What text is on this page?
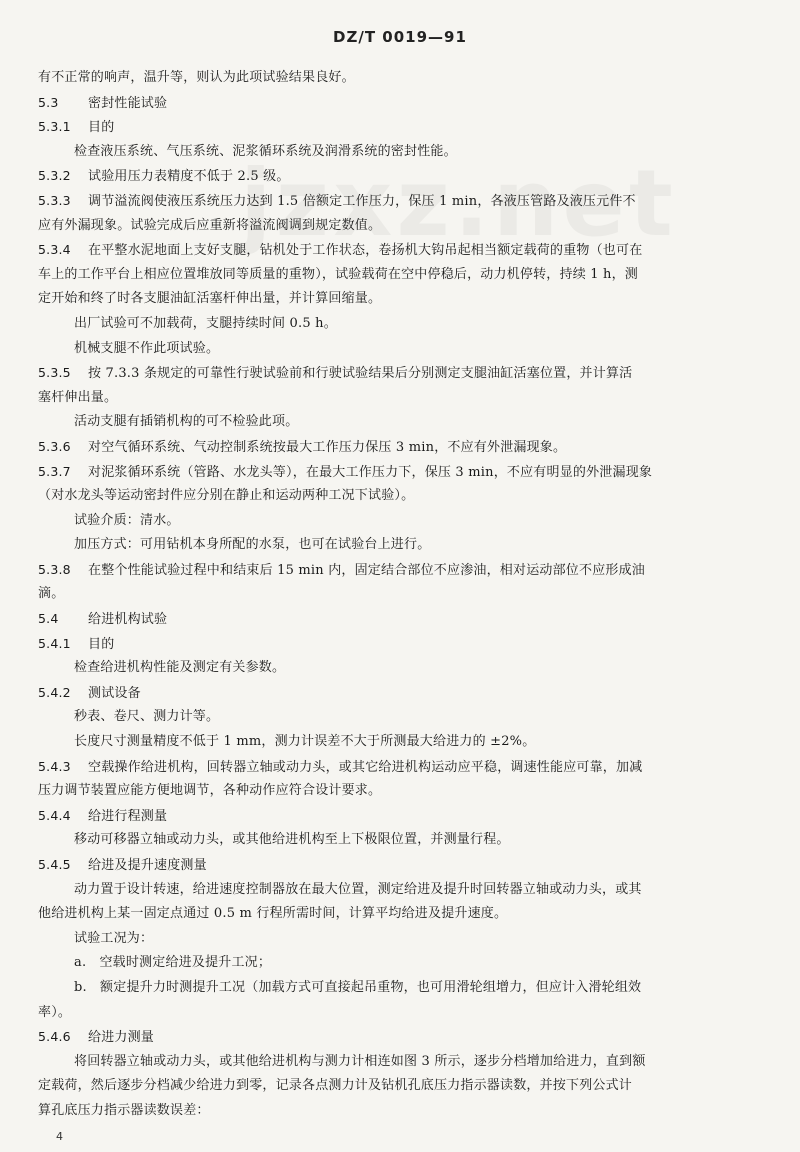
DZ/T 0019—91
有不正常的响声，温升等，则认为此项试验结果良好。
5.3 密封性能试验
5.3.1 目的
检查液压系统、气压系统、泥浆循环系统及润滑系统的密封性能。
5.3.2 试验用压力表精度不低于 2.5 级。
5.3.3 调节溢流阀使液压系统压力达到 1.5 倍额定工作压力，保压 1 min，各液压管路及液压元件不
应有外漏现象。试验完成后应重新将溢流阀调到规定数值。
5.3.4 在平整水泥地面上支好支腿，钻机处于工作状态，卷扬机大钩吊起相当额定载荷的重物（也可在
车上的工作平台上相应位置堆放同等质量的重物），试验载荷在空中停稳后，动力机停转，持续 1 h，测
定开始和终了时各支腿油缸活塞杆伸出量，并计算回缩量。
出厂试验可不加载荷，支腿持续时间 0.5 h。
机械支腿不作此项试验。
5.3.5 按 7.3.3 条规定的可靠性行驶试验前和行驶试验结果后分别测定支腿油缸活塞位置，并计算活
塞杆伸出量。
活动支腿有插销机构的可不检验此项。
5.3.6 对空气循环系统、气动控制系统按最大工作压力保压 3 min，不应有外泄漏现象。
5.3.7 对泥浆循环系统（管路、水龙头等），在最大工作压力下，保压 3 min，不应有明显的外泄漏现象
（对水龙头等运动密封件应分别在静止和运动两种工况下试验）。
试验介质：清水。
加压方式：可用钻机本身所配的水泵，也可在试验台上进行。
5.3.8 在整个性能试验过程中和结束后 15 min 内，固定结合部位不应渗油，相对运动部位不应形成油
滴。
5.4 给进机构试验
5.4.1 目的
检查给进机构性能及测定有关参数。
5.4.2 测试设备
秒表、卷尺、测力计等。
长度尺寸测量精度不低于 1 mm，测力计误差不大于所测最大给进力的 ±2%。
5.4.3 空载操作给进机构，回转器立轴或动力头，或其它给进机构运动应平稳，调速性能应可靠，加减
压力调节装置应能方便地调节，各种动作应符合设计要求。
5.4.4 给进行程测量
移动可移器立轴或动力头，或其他给进机构至上下极限位置，并测量行程。
5.4.5 给进及提升速度测量
动力置于设计转速，给进速度控制器放在最大位置，测定给进及提升时回转器立轴或动力头，或其
他给进机构上某一固定点通过 0.5 m 行程所需时间，计算平均给进及提升速度。
试验工况为：
a.　空载时测定给进及提升工况；
b.　额定提升力时测提升工况（加载方式可直接起吊重物，也可用滑轮组增力，但应计入滑轮组效
率）。
5.4.6 给进力测量
将回转器立轴或动力头，或其他给进机构与测力计相连如图 3 所示，逐步分档增加给进力，直到额
定载荷，然后逐步分档减少给进力到零，记录各点测力计及钻机孔底压力指示器读数，并按下列公式计
算孔底压力指示器读数误差：
4
